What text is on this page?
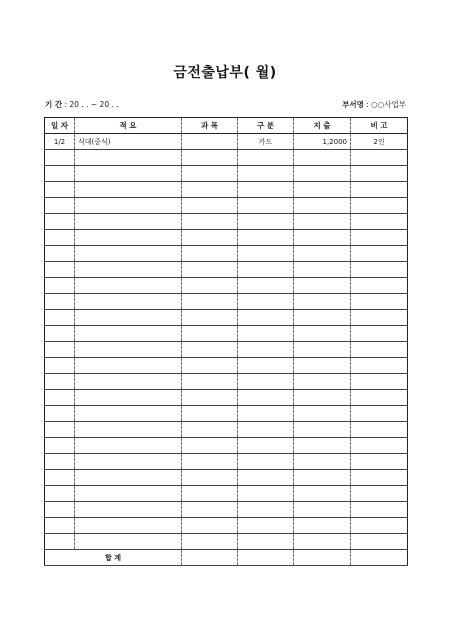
금전출납부( 월)
기 간 : 20 . . ~ 20 . .	부서명 : ○○사업부
일 자	적 요	과 목	구 분	지 출	비 고
1/2	식대(중식)		카드	1,2000	2인

합 계					
